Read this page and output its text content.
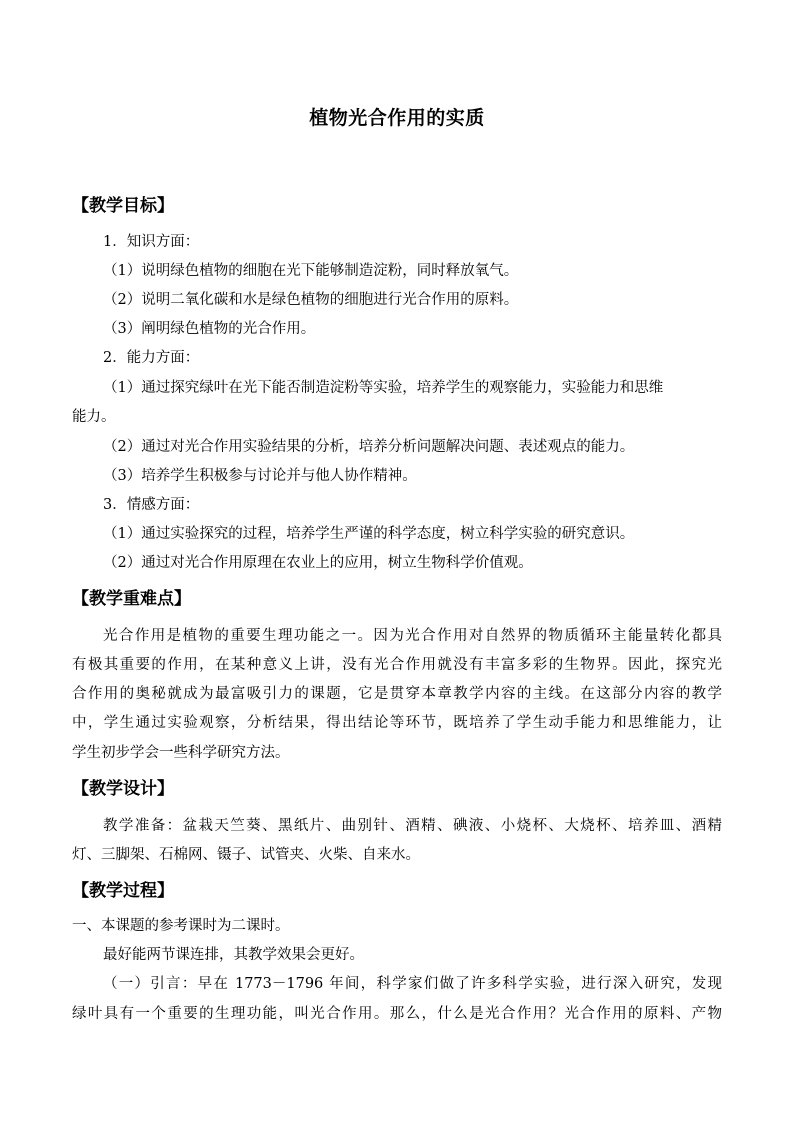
植物光合作用的实质
【教学目标】
1．知识方面：
（1）说明绿色植物的细胞在光下能够制造淀粉，同时释放氧气。
（2）说明二氧化碳和水是绿色植物的细胞进行光合作用的原料。
（3）阐明绿色植物的光合作用。
2．能力方面：
（1）通过探究绿叶在光下能否制造淀粉等实验，培养学生的观察能力，实验能力和思维
能力。
（2）通过对光合作用实验结果的分析，培养分析问题解决问题、表述观点的能力。
（3）培养学生积极参与讨论并与他人协作精神。
3．情感方面：
（1）通过实验探究的过程，培养学生严谨的科学态度，树立科学实验的研究意识。
（2）通过对光合作用原理在农业上的应用，树立生物科学价值观。
【教学重难点】
光合作用是植物的重要生理功能之一。因为光合作用对自然界的物质循环主能量转化都具
有极其重要的作用，在某种意义上讲，没有光合作用就没有丰富多彩的生物界。因此，探究光
合作用的奥秘就成为最富吸引力的课题，它是贯穿本章教学内容的主线。在这部分内容的教学
中，学生通过实验观察，分析结果，得出结论等环节，既培养了学生动手能力和思维能力，让
学生初步学会一些科学研究方法。
【教学设计】
教学准备：盆栽天竺葵、黑纸片、曲别针、酒精、碘液、小烧杯、大烧杯、培养皿、酒精
灯、三脚架、石棉网、镊子、试管夹、火柴、自来水。
【教学过程】
一、本课题的参考课时为二课时。
最好能两节课连排，其教学效果会更好。
（一）引言：早在 1773－1796 年间，科学家们做了许多科学实验，进行深入研究，发现
绿叶具有一个重要的生理功能，叫光合作用。那么，什么是光合作用？光合作用的原料、产物
